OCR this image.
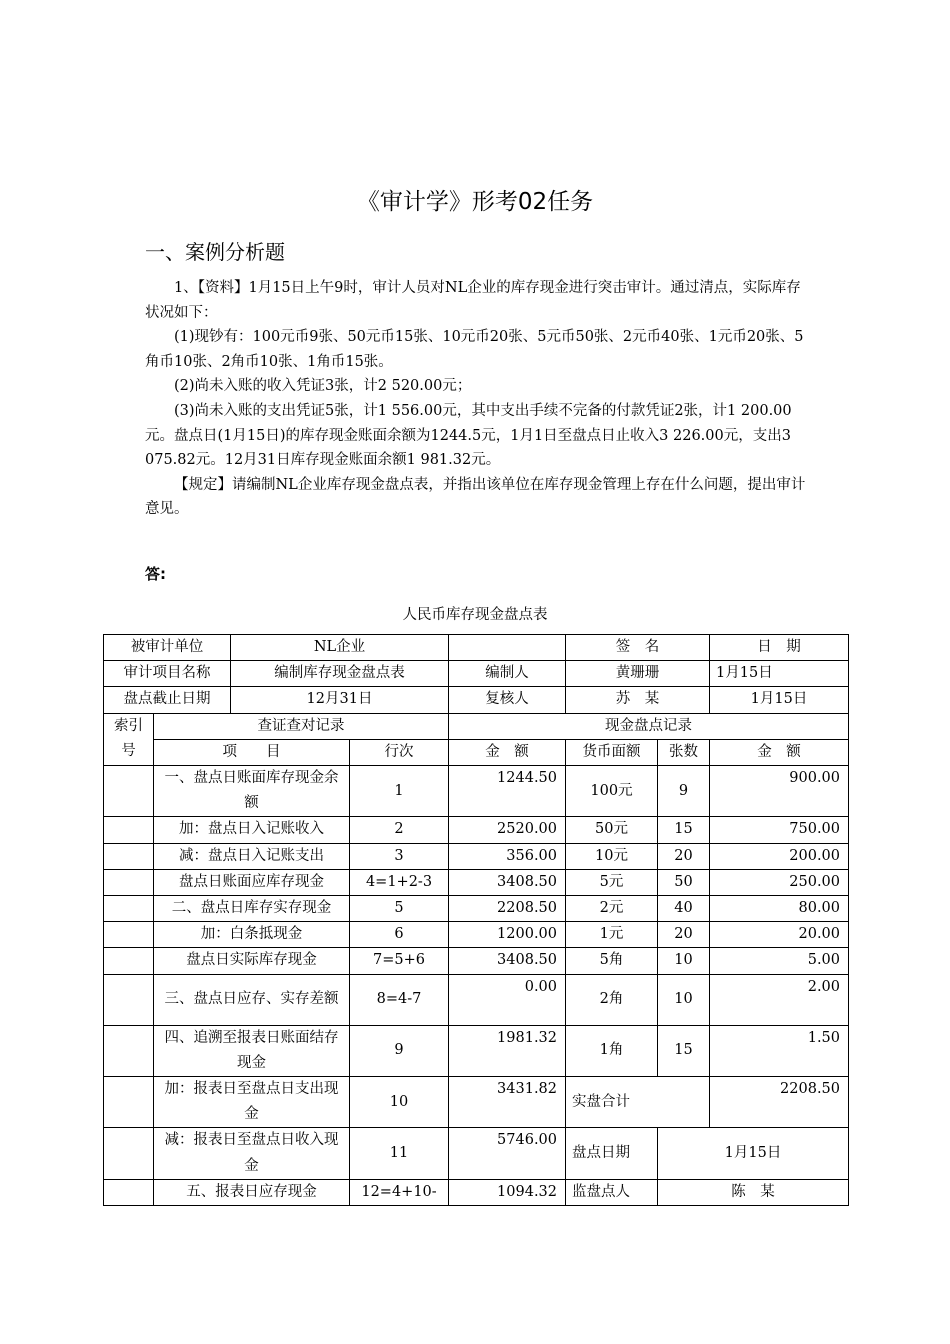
《审计学》形考02任务
一、案例分析题

1、【资料】1月15日上午9时，审计人员对NL企业的库存现金进行突击审计。通过清点，实际库存状况如下：

(1)现钞有：100元币9张、50元币15张、10元币20张、5元币50张、2元币40张、1元币20张、5角币10张、2角币10张、1角币15张。

(2)尚未入账的收入凭证3张，计2 520.00元；

(3)尚未入账的支出凭证5张，计1 556.00元，其中支出手续不完备的付款凭证2张，计1 200.00元。盘点日(1月15日)的库存现金账面余额为1244.5元，1月1日至盘点日止收入3 226.00元，支出3 075.82元。12月31日库存现金账面余额1 981.32元。

【规定】请编制NL企业库存现金盘点表，并指出该单位在库存现金管理上存在什么问题，提出审计意见。

答:
人民币库存现金盘点表
被审计单位		NL企业			签　名		日　期
审计项目名称		编制库存现金盘点表		编制人	黄珊珊		1月15日
盘点截止日期		12月31日		复核人	苏　某		1月15日
索引号	查证查对记录			现金盘点记录			
	项　　目		行次	金　额	货币面额	张数	金　额
	一、盘点日账面库存现金余额		1	1244.50	100元	9	900.00
	加：盘点日入记账收入		2	2520.00	50元	15	750.00
	减：盘点日入记账支出		3	356.00	10元	20	200.00
	盘点日账面应库存现金		4=1+2-3	3408.50	5元	50	250.00
	二、盘点日库存实存现金		5	2208.50	2元	40	80.00
	加：白条抵现金		6	1200.00	1元	20	20.00
	盘点日实际库存现金		7=5+6	3408.50	5角	10	5.00
	三、盘点日应存、实存差额		8=4-7	0.00	2角	10	2.00
	四、追溯至报表日账面结存现金		9	1981.32	1角	15	1.50
	加：报表日至盘点日支出现金		10	3431.82	实盘合计		2208.50
	减：报表日至盘点日收入现金		11	5746.00	盘点日期	1月15日	
	五、报表日应存现金		12=4+10-	1094.32	监盘点人	陈　某	
